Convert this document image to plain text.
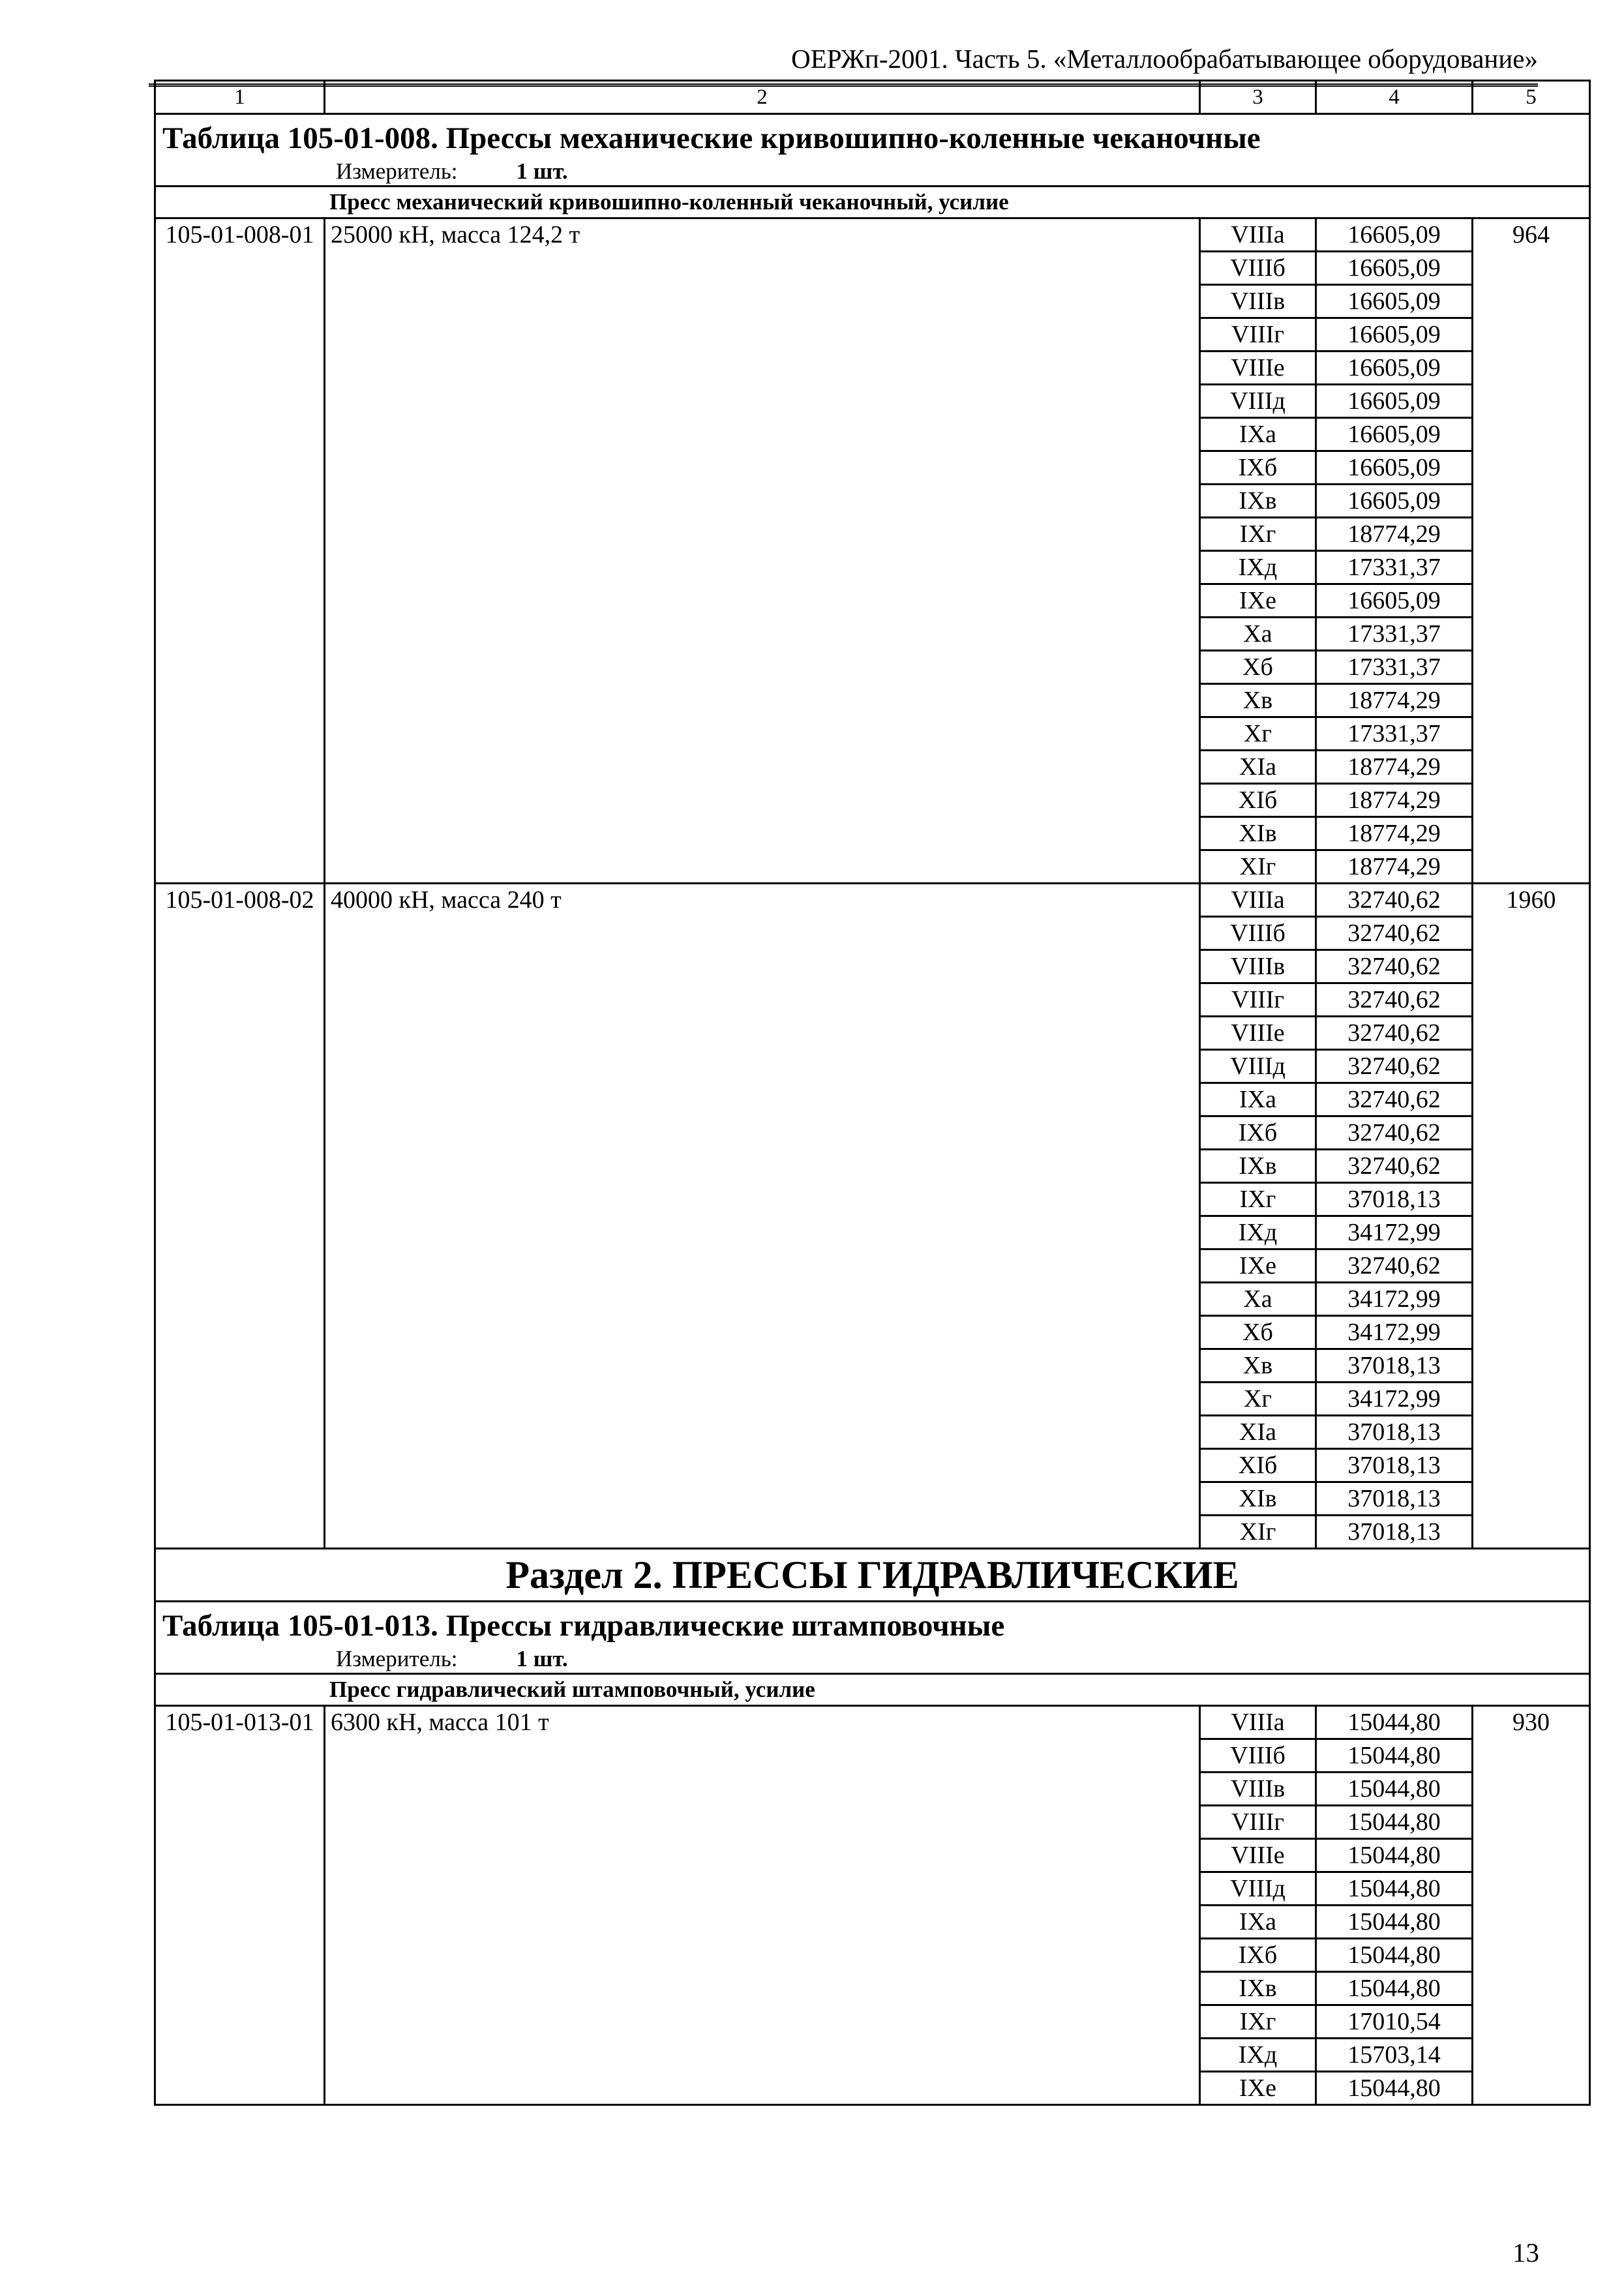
ОЕРЖп-2001. Часть 5. «Металлообрабатывающее оборудование»
1	2	3	4	5
Таблица 105-01-008. Прессы механические кривошипно-коленные чеканочные
Измеритель: 1 шт.				

Пресс механический кривошипно-коленный чеканочный, усилие				
105-01-008-01	25000 кН, масса 124,2 т	VIIIа	16605,09	964
		VIIIб	16605,09	
		VIIIв	16605,09	
		VIIIг	16605,09	
		VIIIе	16605,09	
		VIIIд	16605,09	
		IXа	16605,09	
		IXб	16605,09	
		IXв	16605,09	
		IXг	18774,29	
		IXд	17331,37	
		IXе	16605,09	
		Xа	17331,37	
		Xб	17331,37	
		Xв	18774,29	
		Xг	17331,37	
		XIа	18774,29	
		XIб	18774,29	
		XIв	18774,29	
		XIг	18774,29	
105-01-008-02	40000 кН, масса 240 т	VIIIа	32740,62	1960
		VIIIб	32740,62	
		VIIIв	32740,62	
		VIIIг	32740,62	
		VIIIе	32740,62	
		VIIIд	32740,62	
		IXа	32740,62	
		IXб	32740,62	
		IXв	32740,62	
		IXг	37018,13	
		IXд	34172,99	
		IXе	32740,62	
		Xа	34172,99	
		Xб	34172,99	
		Xв	37018,13	
		Xг	34172,99	
		XIа	37018,13	
		XIб	37018,13	
		XIв	37018,13	
		XIг	37018,13	
Раздел 2. ПРЕССЫ ГИДРАВЛИЧЕСКИЕ				
Таблица 105-01-013. Прессы гидравлические штамповочные
Измеритель: 1 шт.				

Пресс гидравлический штамповочный, усилие				
105-01-013-01	6300 кН, масса 101 т	VIIIа	15044,80	930
		VIIIб	15044,80	
		VIIIв	15044,80	
		VIIIг	15044,80	
		VIIIе	15044,80	
		VIIIд	15044,80	
		IXа	15044,80	
		IXб	15044,80	
		IXв	15044,80	
		IXг	17010,54	
		IXд	15703,14	
		IXе	15044,80	
13
